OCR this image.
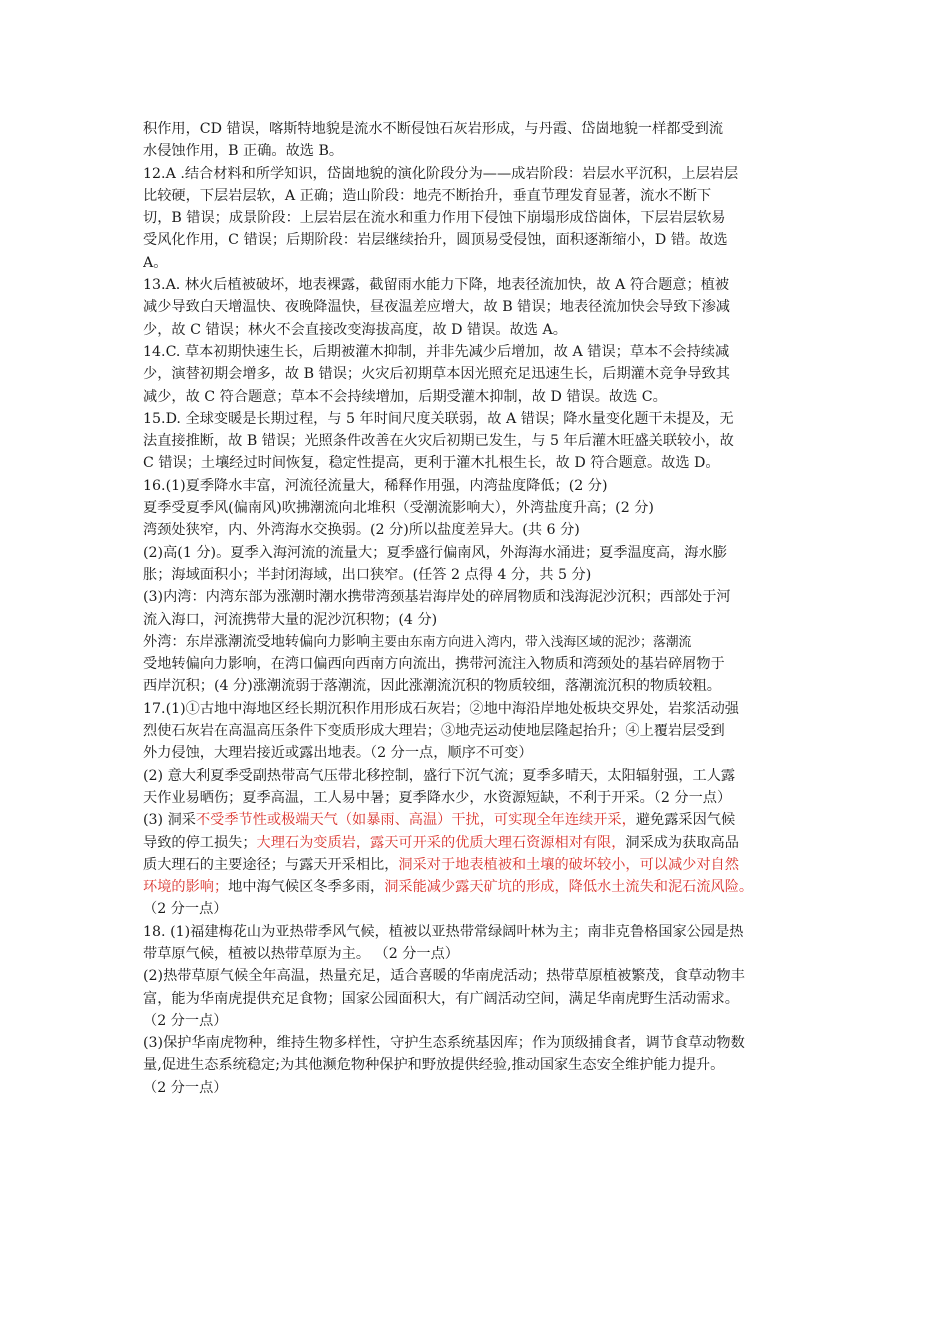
积作用，CD 错误，喀斯特地貌是流水不断侵蚀石灰岩形成，与丹霞、岱崮地貌一样都受到流
水侵蚀作用，B 正确。故选 B。
12.A .结合材料和所学知识，岱崮地貌的演化阶段分为——成岩阶段：岩层水平沉积，上层岩层
比较硬，下层岩层软，A 正确；造山阶段：地壳不断抬升，垂直节理发育显著，流水不断下
切，B 错误；成景阶段：上层岩层在流水和重力作用下侵蚀下崩塌形成岱崮体，下层岩层软易
受风化作用，C 错误；后期阶段：岩层继续抬升，圆顶易受侵蚀，面积逐渐缩小，D 错。故选
A。
13.A. 林火后植被破坏，地表裸露，截留雨水能力下降，地表径流加快，故 A 符合题意；植被
减少导致白天增温快、夜晚降温快，昼夜温差应增大，故 B 错误；地表径流加快会导致下渗减
少，故 C 错误；林火不会直接改变海拔高度，故 D 错误。故选 A。
14.C. 草本初期快速生长，后期被灌木抑制，并非先减少后增加，故 A 错误；草本不会持续减
少，演替初期会增多，故 B 错误；火灾后初期草本因光照充足迅速生长，后期灌木竞争导致其
减少，故 C 符合题意；草本不会持续增加，后期受灌木抑制，故 D 错误。故选 C。
15.D. 全球变暖是长期过程，与 5 年时间尺度关联弱，故 A 错误；降水量变化题干未提及，无
法直接推断，故 B 错误；光照条件改善在火灾后初期已发生，与 5 年后灌木旺盛关联较小，故
C 错误；土壤经过时间恢复，稳定性提高，更利于灌木扎根生长，故 D 符合题意。故选 D。
16.(1)夏季降水丰富，河流径流量大，稀释作用强，内湾盐度降低；(2 分)
夏季受夏季风(偏南风)吹拂潮流向北堆积（受潮流影响大），外湾盐度升高；(2 分)
湾颈处狭窄，内、外湾海水交换弱。(2 分)所以盐度差异大。(共 6 分)
(2)高(1 分)。夏季入海河流的流量大；夏季盛行偏南风，外海海水涌进；夏季温度高，海水膨
胀；海域面积小；半封闭海域，出口狭窄。(任答 2 点得 4 分，共 5 分)
(3)内湾：内湾东部为涨潮时潮水携带湾颈基岩海岸处的碎屑物质和浅海泥沙沉积；西部处于河
流入海口，河流携带大量的泥沙沉积物；(4 分)
外湾：东岸涨潮流受地转偏向力影响主要由东南方向进入湾内，带入浅海区域的泥沙；落潮流
受地转偏向力影响，在湾口偏西向西南方向流出，携带河流注入物质和湾颈处的基岩碎屑物于
西岸沉积；(4 分)涨潮流弱于落潮流，因此涨潮流沉积的物质较细，落潮流沉积的物质较粗。
17.(1)①古地中海地区经长期沉积作用形成石灰岩；②地中海沿岸地处板块交界处，岩浆活动强
烈使石灰岩在高温高压条件下变质形成大理岩；③地壳运动使地层隆起抬升；④上覆岩层受到
外力侵蚀，大理岩接近或露出地表。（2 分一点，顺序不可变）
(2) 意大利夏季受副热带高气压带北移控制，盛行下沉气流；夏季多晴天，太阳辐射强，工人露
天作业易晒伤；夏季高温，工人易中暑；夏季降水少，水资源短缺，不利于开采。（2 分一点）
(3) 洞采不受季节性或极端天气（如暴雨、高温）干扰，可实现全年连续开采，避免露采因气候
导致的停工损失；大理石为变质岩，露天可开采的优质大理石资源相对有限，洞采成为获取高品
质大理石的主要途径；与露天开采相比，洞采对于地表植被和土壤的破坏较小，可以减少对自然
环境的影响；地中海气候区冬季多雨，洞采能减少露天矿坑的形成，降低水土流失和泥石流风险。
（2 分一点）
18. (1)福建梅花山为亚热带季风气候，植被以亚热带常绿阔叶林为主；南非克鲁格国家公园是热
带草原气候，植被以热带草原为主。 （2 分一点）
(2)热带草原气候全年高温，热量充足，适合喜暖的华南虎活动；热带草原植被繁茂，食草动物丰
富，能为华南虎提供充足食物；国家公园面积大，有广阔活动空间，满足华南虎野生活动需求。
（2 分一点）
(3)保护华南虎物种，维持生物多样性，守护生态系统基因库；作为顶级捕食者，调节食草动物数
量,促进生态系统稳定;为其他濒危物种保护和野放提供经验,推动国家生态安全维护能力提升。
（2 分一点）
